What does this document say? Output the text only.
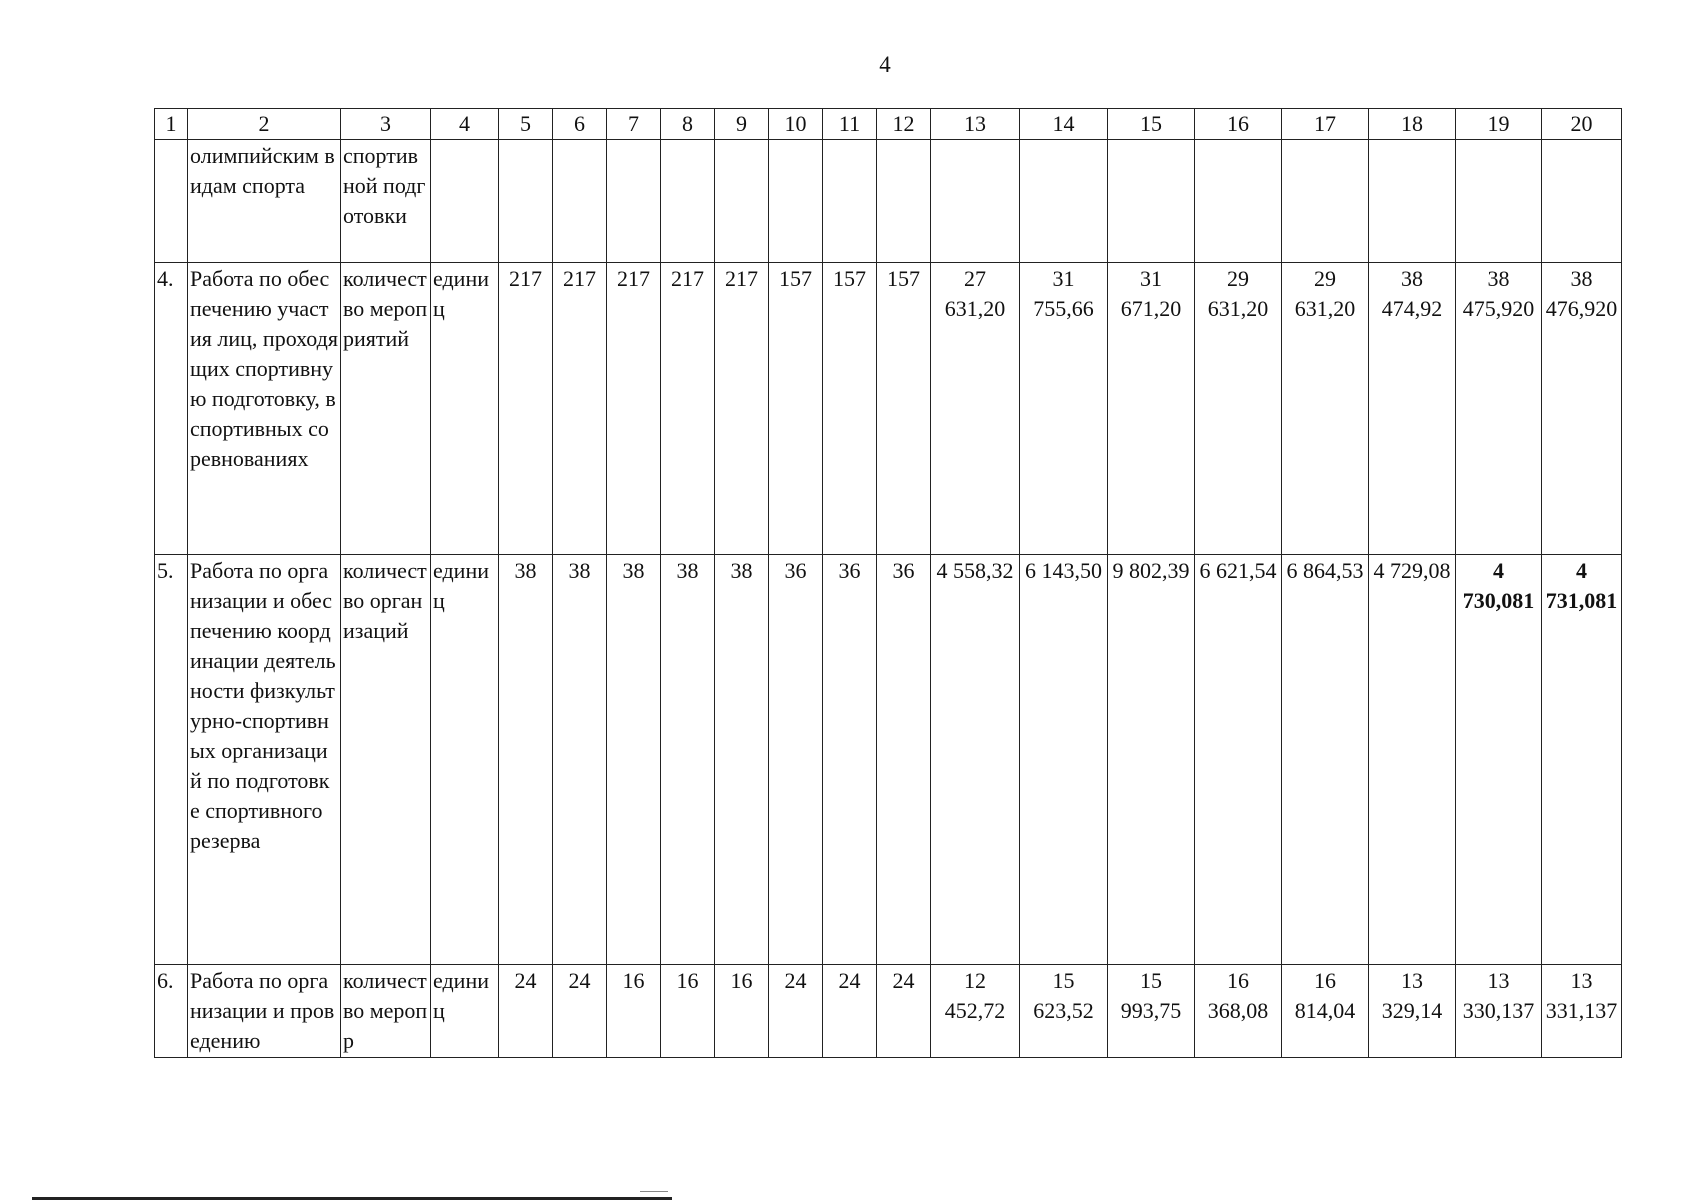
4
1	2	3	4	5	6	7	8	9	10	11	12	13	14	15	16	17	18	19	20
	олимпийским видам спорта	спортивной подготовки																	
4.	Работа по обеспечению участия лиц, проходящих спортивную подготовку, в спортивных соревнованиях	количество мероприятий	единиц	217	217	217	217	217	157	157	157	27 631,20	31 755,66	31 671,20	29 631,20	29 631,20	38 474,92	38 475,920	38 476,920
5.	Работа по организации и обеспечению координации деятельности физкультурно-спортивных организаций по подготовке спортивного резерва	количество организаций	единиц	38	38	38	38	38	36	36	36	4 558,32	6 143,50	9 802,39	6 621,54	6 864,53	4 729,08	4 730,081	4 731,081
6.	Работа по организации и проведению	количество меропр	единиц	24	24	16	16	16	24	24	24	12 452,72	15 623,52	15 993,75	16 368,08	16 814,04	13 329,14	13 330,137	13 331,137
